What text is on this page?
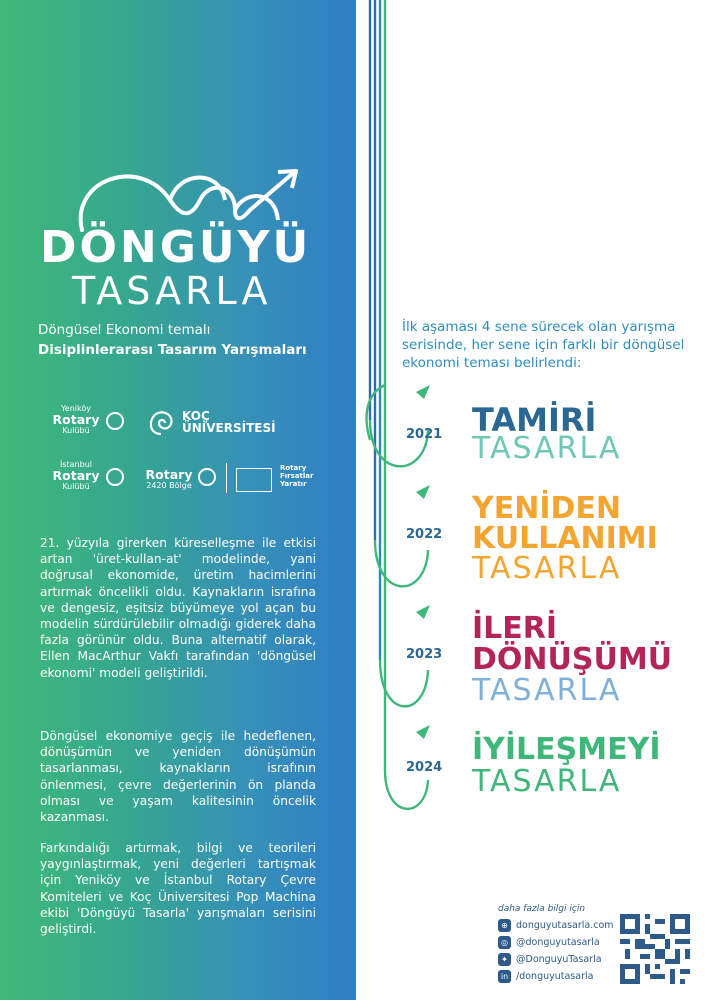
DÖNGÜYÜ
TASARLA
Döngüsel Ekonomi temalı
Disiplinlerarası Tasarım Yarışmaları
Yeniköy
Rotary
Kulübü
KOÇ
ÜNİVERSİTESİ
İstanbul
Rotary
Kulübü
Rotary
2420 Bölge
Rotary
Fırsatlar
Yaratır
21. yüzyıla girerken küreselleşme ile etkisi artan 'üret-kullan-at' modelinde, yani doğrusal ekonomide, üretim hacimlerini artırmak öncelikli oldu. Kaynakların israfına ve dengesiz, eşitsiz büyümeye yol açan bu modelin sürdürülebilir olmadığı giderek daha fazla görünür oldu. Buna alternatif olarak, Ellen MacArthur Vakfı tarafından 'döngüsel ekonomi' modeli geliştirildi.
Döngüsel ekonomiye geçiş ile hedeflenen, dönüşümün ve yeniden dönüşümün tasarlanması, kaynakların israfının önlenmesi, çevre değerlerinin ön planda olması ve yaşam kalitesinin öncelik kazanması.
Farkındalığı artırmak, bilgi ve teorileri yaygınlaştırmak, yeni değerleri tartışmak için Yeniköy ve İstanbul Rotary Çevre Komiteleri ve Koç Üniversitesi Pop Machina ekibi 'Döngüyü Tasarla' yarışmaları serisini geliştirdi.
İlk aşaması 4 sene sürecek olan yarışma serisinde, her sene için farklı bir döngüsel ekonomi teması belirlendi:
2021 TAMİRİ
TASARLA
2022
YENİDEN
KULLANIMI
TASARLA
2023
İLERİ
DÖNÜŞÜMÜ
TASARLA
2024
İYİLEŞMEYİ
TASARLA
daha fazla bilgi için
⊕ donguyutasarla.com
◎ @donguyutasarla
✦ @DonguyuTasarla
in /donguyutasarla
